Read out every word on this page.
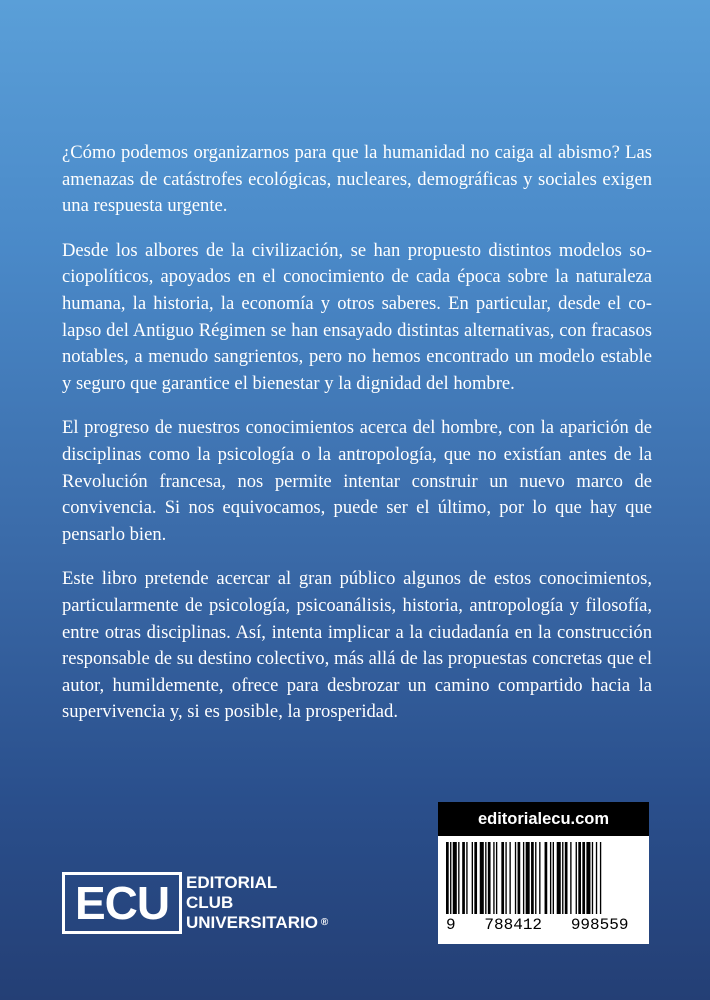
¿Cómo podemos organizarnos para que la humanidad no caiga al abismo? Las amenazas de catástrofes ecológicas, nucleares, demográficas y sociales exigen una respuesta urgente.

Desde los albores de la civilización, se han propuesto distintos modelos sociopolíticos, apoyados en el conocimiento de cada época sobre la naturaleza humana, la historia, la economía y otros saberes. En particular, desde el colapso del Antiguo Régimen se han ensayado distintas alternativas, con fracasos notables, a menudo sangrientos, pero no hemos encontrado un modelo estable y seguro que garantice el bienestar y la dignidad del hombre.

El progreso de nuestros conocimientos acerca del hombre, con la aparición de disciplinas como la psicología o la antropología, que no existían antes de la Revolución francesa, nos permite intentar construir un nuevo marco de convivencia. Si nos equivocamos, puede ser el último, por lo que hay que pensarlo bien.

Este libro pretende acercar al gran público algunos de estos conocimientos, particularmente de psicología, psicoanálisis, historia, antropología y filosofía, entre otras disciplinas. Así, intenta implicar a la ciudadanía en la construcción responsable de su destino colectivo, más allá de las propuestas concretas que el autor, humildemente, ofrece para desbrozar un camino compartido hacia la supervivencia y, si es posible, la prosperidad.

editorialecu.com
9   788412   998559
ECU EDITORIAL
CLUB
UNIVERSITARIO ®
